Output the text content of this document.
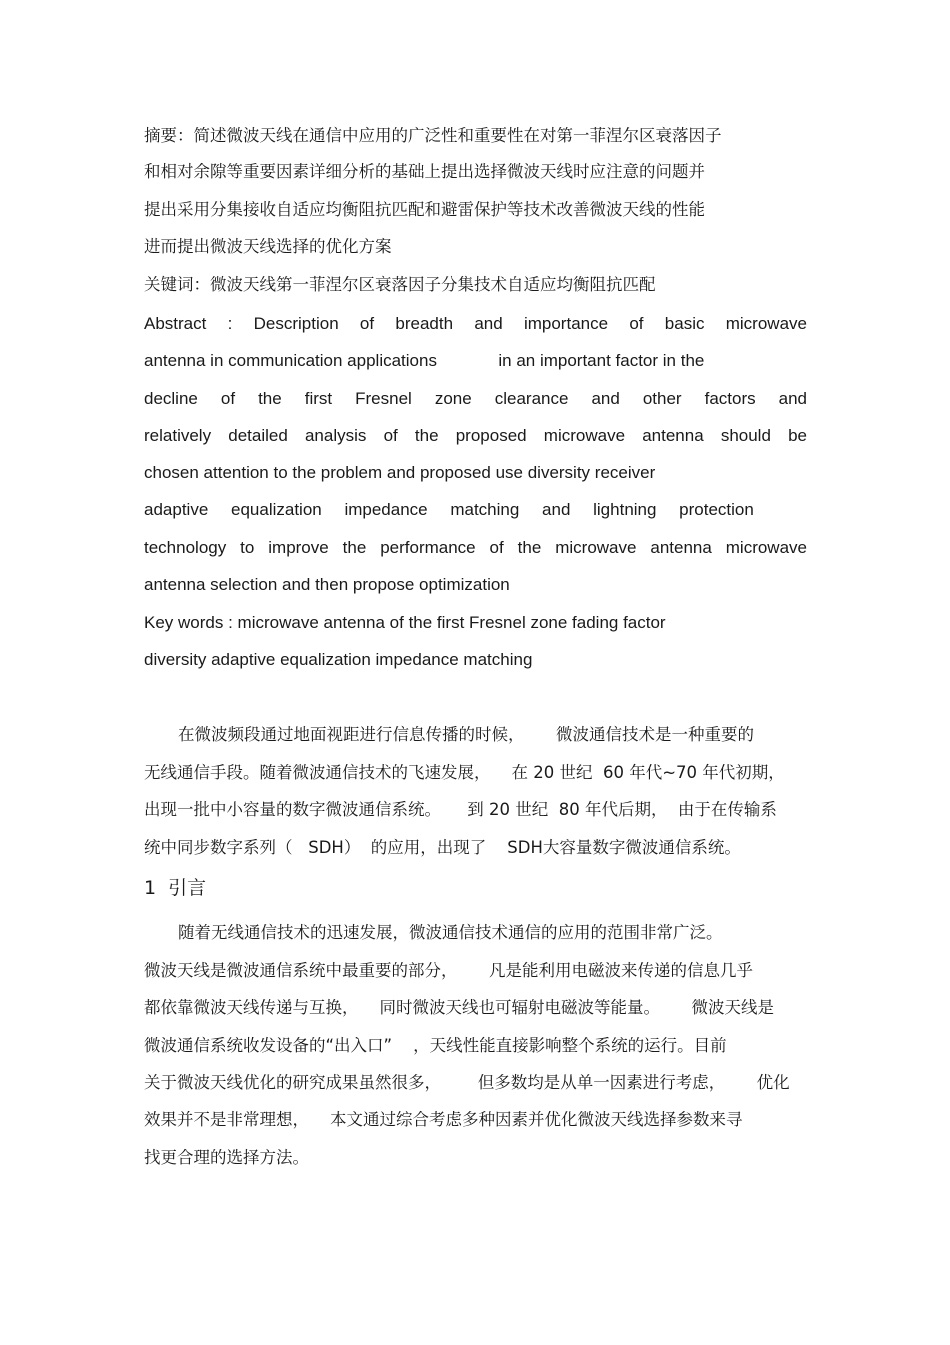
摘要：简述微波天线在通信中应用的广泛性和重要性在对第一菲涅尔区衰落因子
和相对余隙等重要因素详细分析的基础上提出选择微波天线时应注意的问题并
提出采用分集接收自适应均衡阻抗匹配和避雷保护等技术改善微波天线的性能
进而提出微波天线选择的优化方案
关键词：微波天线第一菲涅尔区衰落因子分集技术自适应均衡阻抗匹配
Abstract : Description of breadth and importance of basic microwave
antenna in communication applications             in an important factor in the
decline of the first Fresnel zone clearance and other factors and
relatively detailed analysis of the proposed microwave antenna should be
chosen attention to the problem and proposed use diversity receiver
adaptive equalization impedance matching and lightning protection
technology to improve the performance of the microwave antenna microwave
antenna selection and then propose optimization
Key words : microwave antenna of the first Fresnel zone fading factor
diversity adaptive equalization impedance matching
在微波频段通过地面视距进行信息传播的时候，      微波通信技术是一种重要的
无线通信手段。随着微波通信技术的飞速发展，    在 20 世纪  60 年代~70 年代初期，
出现一批中小容量的数字微波通信系统。     到 20 世纪  80 年代后期，  由于在传输系
统中同步数字系列（   SDH）  的应用，出现了    SDH大容量数字微波通信系统。
1  引言
随着无线通信技术的迅速发展，微波通信技术通信的应用的范围非常广泛。
微波天线是微波通信系统中最重要的部分，      凡是能利用电磁波来传递的信息几乎
都依靠微波天线传递与互换，    同时微波天线也可辐射电磁波等能量。      微波天线是
微波通信系统收发设备的“出入口”    ，天线性能直接影响整个系统的运行。目前
关于微波天线优化的研究成果虽然很多，       但多数均是从单一因素进行考虑，      优化
效果并不是非常理想，    本文通过综合考虑多种因素并优化微波天线选择参数来寻
找更合理的选择方法。
